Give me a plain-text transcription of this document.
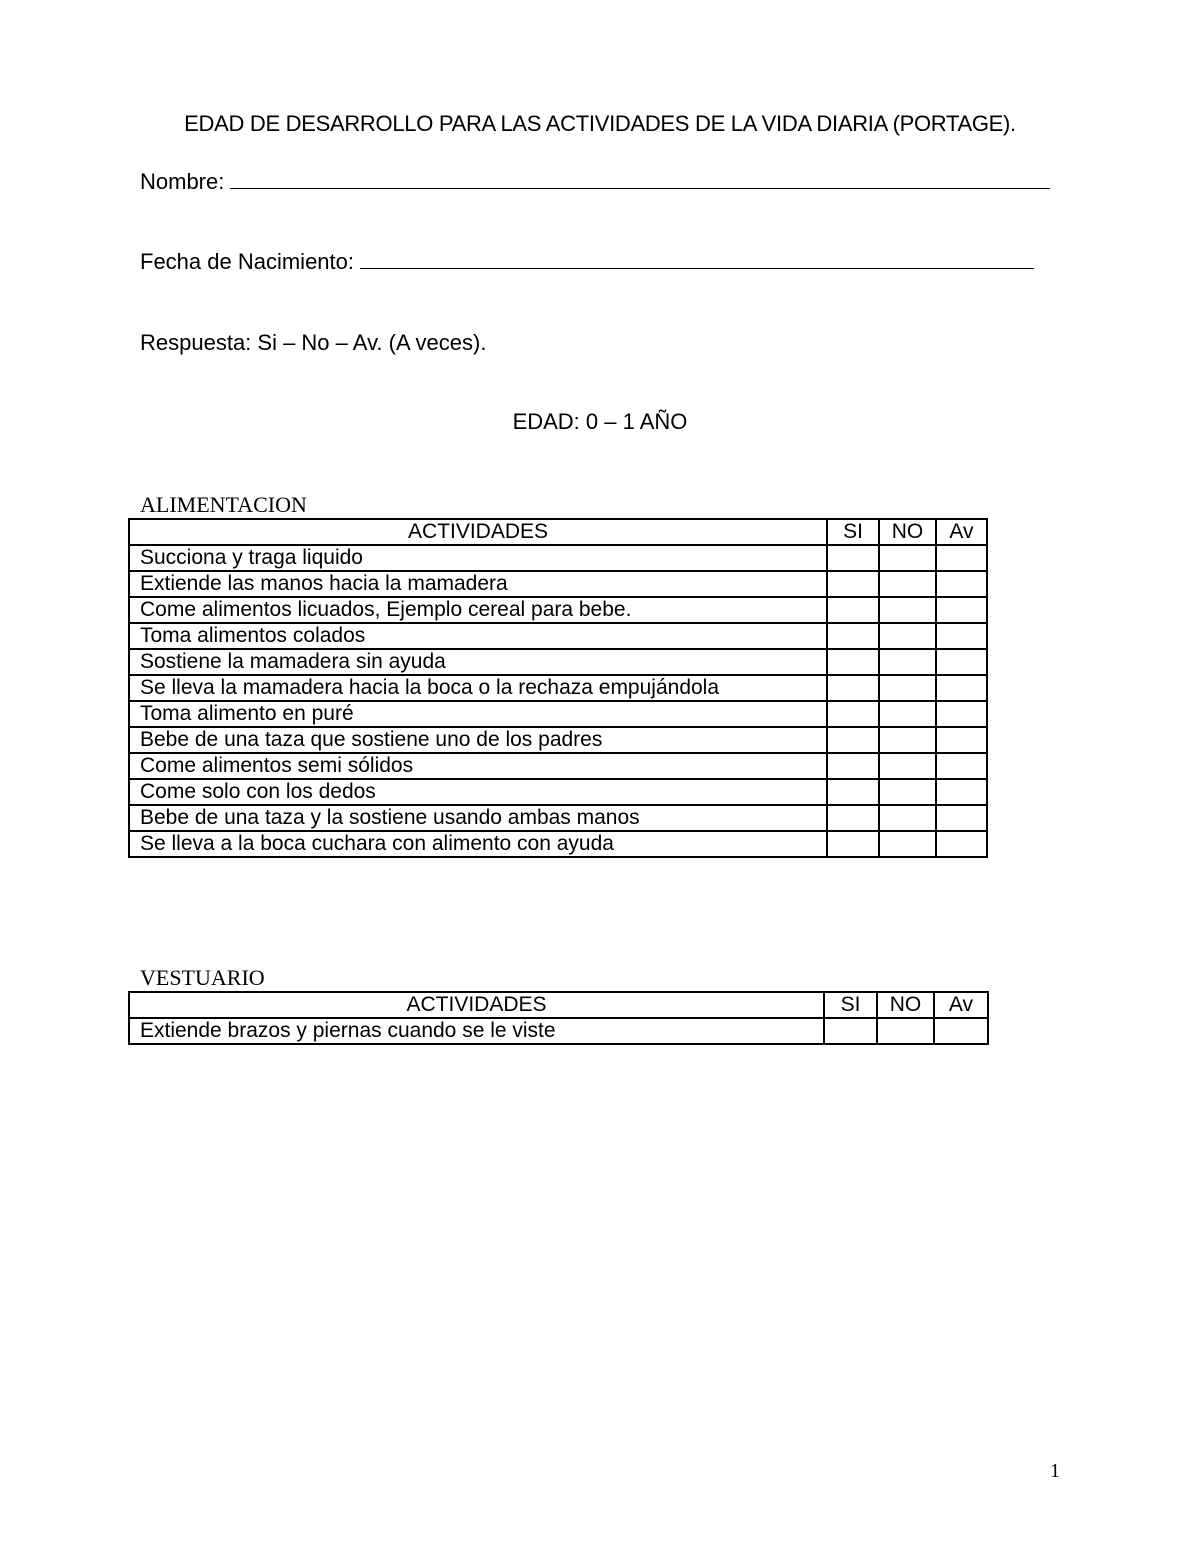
EDAD DE DESARROLLO PARA LAS ACTIVIDADES DE LA VIDA DIARIA (PORTAGE).
Nombre:
Fecha de Nacimiento:
Respuesta: Si – No – Av. (A veces).
EDAD: 0 – 1 AÑO
ALIMENTACION
ACTIVIDADES	SI	NO	Av
Succiona y traga liquido			
Extiende las manos hacia la mamadera			
Come alimentos licuados, Ejemplo cereal para bebe.			
Toma alimentos colados			
Sostiene la mamadera sin ayuda			
Se lleva la mamadera hacia la boca o la rechaza empujándola			
Toma alimento en puré			
Bebe de una taza que sostiene uno de los padres			
Come alimentos semi sólidos			
Come solo con los dedos			
Bebe de una taza y la sostiene usando ambas manos			
Se lleva a la boca cuchara con alimento con ayuda			
VESTUARIO
ACTIVIDADES	SI	NO	Av
Extiende brazos y piernas cuando se le viste			
1
